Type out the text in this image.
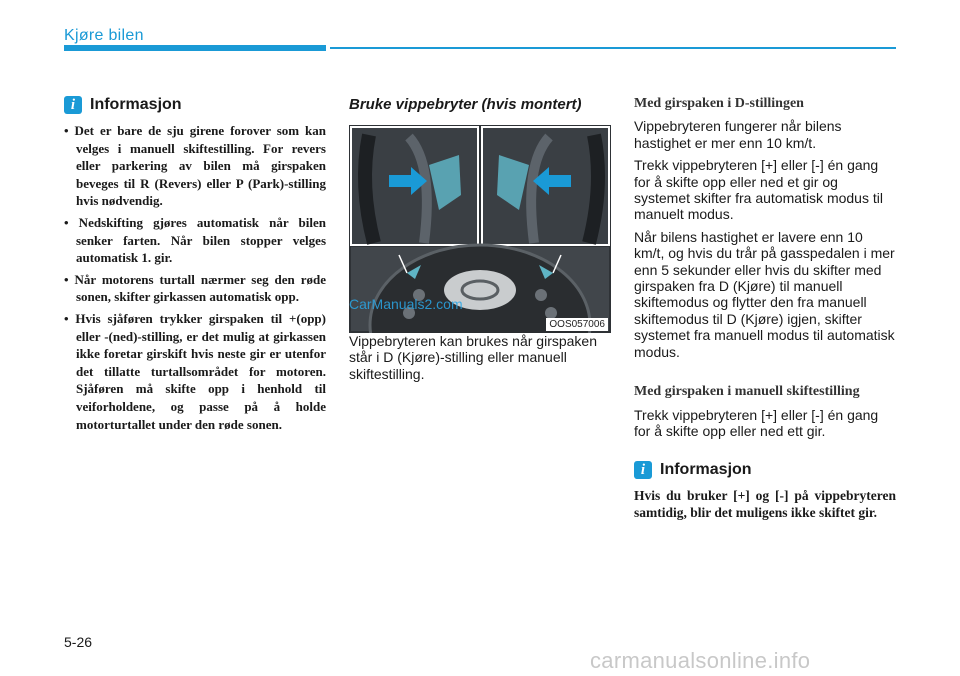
Kjøre bilen
i Informasjon
• Det er bare de sju girene forover som kan velges i manuell skiftestilling. For revers eller parkering av bilen må girspaken beveges til R (Revers) eller P (Park)-stilling hvis nødvendig.
• Nedskifting gjøres automatisk når bilen senker farten. Når bilen stopper velges automatisk 1. gir.
• Når motorens turtall nærmer seg den røde sonen, skifter girkassen automatisk opp.
• Hvis sjåføren trykker girspaken til +(opp) eller -(ned)-stilling, er det mulig at girkassen ikke foretar girskift hvis neste gir er utenfor det tillatte turtallsområdet for motoren. Sjåføren må skifte opp i henhold til veiforholdene, og passe på å holde motorturtallet under den røde sonen.
Bruke vippebryter (hvis montert)
OOS057006

Vippebryteren kan brukes når girspaken står i D (Kjøre)-stilling eller manuell skiftestilling.

CarManuals2.com

Med girspaken i D-stillingen

Vippebryteren fungerer når bilens hastighet er mer enn 10 km/t.

Trekk vippebryteren [+] eller [-] én gang for å skifte opp eller ned et gir og systemet skifter fra automatisk modus til manuelt modus.

Når bilens hastighet er lavere enn 10 km/t, og hvis du trår på gasspedalen i mer enn 5 sekunder eller hvis du skifter med girspaken fra D (Kjøre) til manuell skiftemodus og flytter den fra manuell skiftemodus til D (Kjøre) igjen, skifter systemet fra manuell modus til automatisk modus.

Med girspaken i manuell skiftestilling

Trekk vippebryteren [+] eller [-] én gang for å skifte opp eller ned ett gir.

i Informasjon
Hvis du bruker [+] og [-] på vippebryteren samtidig, blir det muligens ikke skiftet gir.
5-26
carmanualsonline.info
